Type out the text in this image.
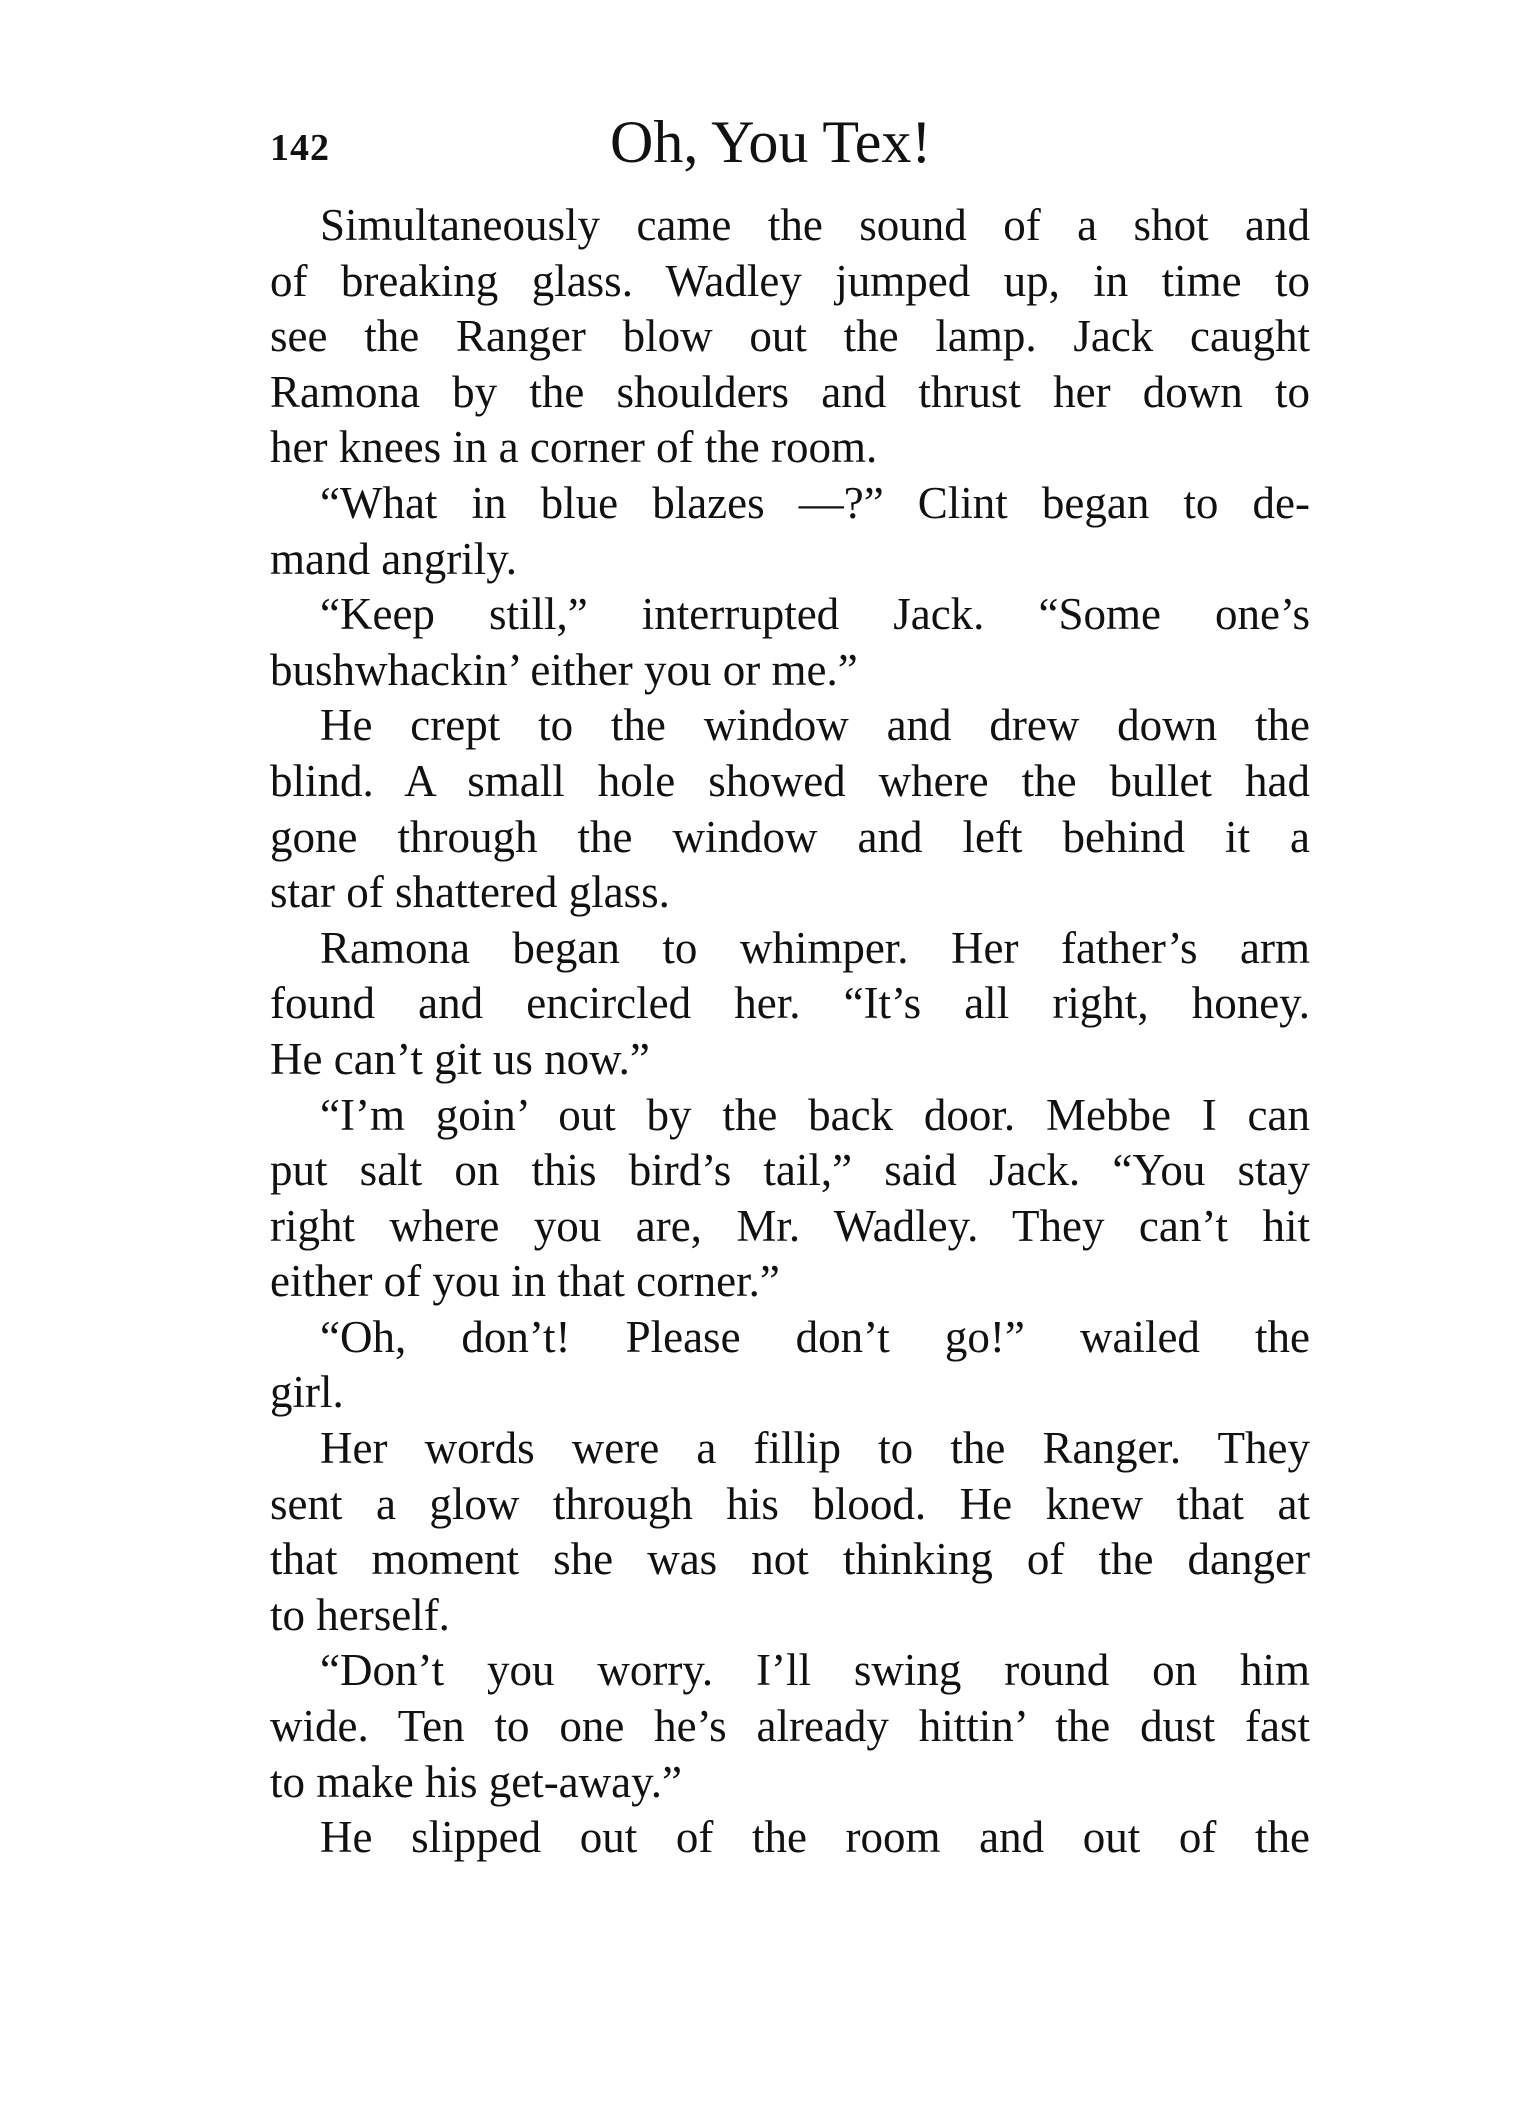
142	Oh, You Tex!
Simultaneously came the sound of a shot and
of breaking glass. Wadley jumped up, in time to
see the Ranger blow out the lamp. Jack caught
Ramona by the shoulders and thrust her down to
her knees in a corner of the room.
“What in blue blazes —?” Clint began to de-
mand angrily.
“Keep still,” interrupted Jack. “Some one’s
bushwhackin’ either you or me.”
He crept to the window and drew down the
blind. A small hole showed where the bullet had
gone through the window and left behind it a
star of shattered glass.
Ramona began to whimper. Her father’s arm
found and encircled her. “It’s all right, honey.
He can’t git us now.”
“I’m goin’ out by the back door. Mebbe I can
put salt on this bird’s tail,” said Jack. “You stay
right where you are, Mr. Wadley. They can’t hit
either of you in that corner.”
“Oh, don’t! Please don’t go!” wailed the
girl.
Her words were a fillip to the Ranger. They
sent a glow through his blood. He knew that at
that moment she was not thinking of the danger
to herself.
“Don’t you worry. I’ll swing round on him
wide. Ten to one he’s already hittin’ the dust fast
to make his get-away.”
He slipped out of the room and out of the
